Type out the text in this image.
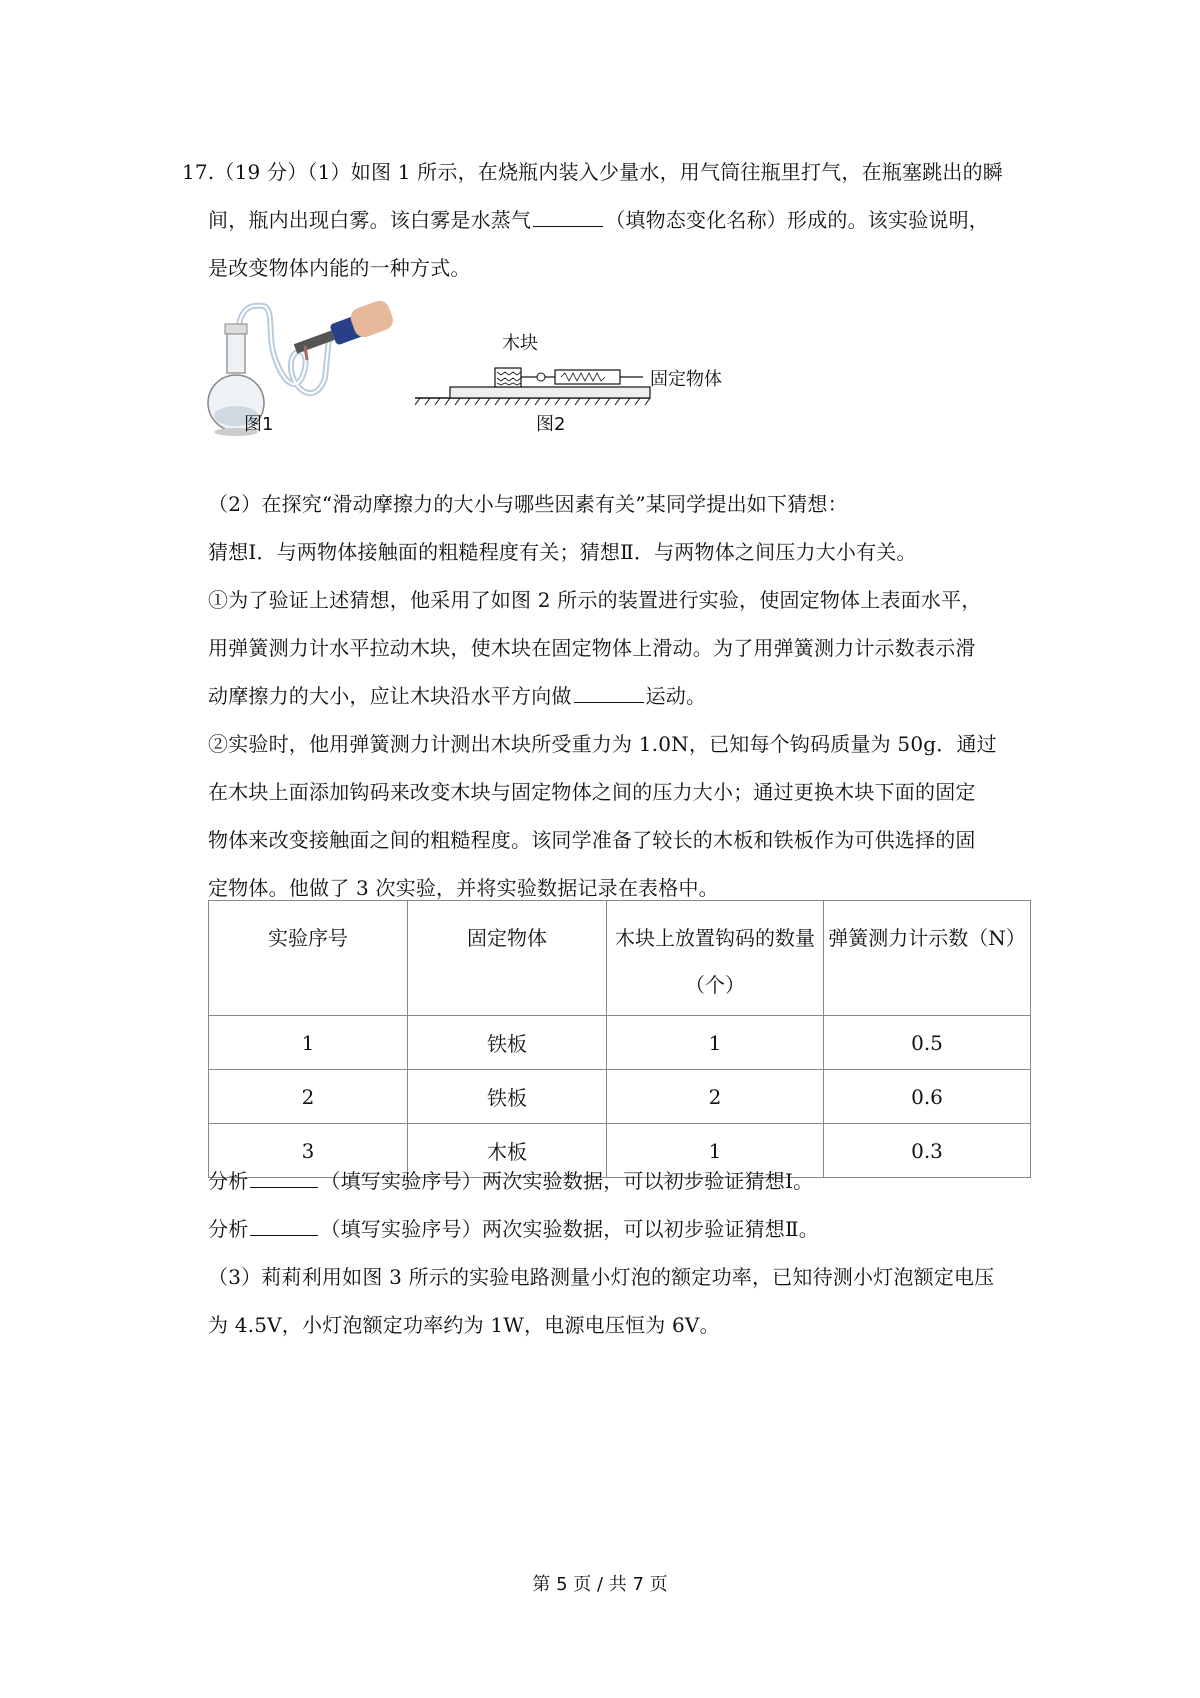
17.（19 分）（1）如图 1 所示，在烧瓶内装入少量水，用气筒往瓶里打气，在瓶塞跳出的瞬
间，瓶内出现白雾。该白雾是水蒸气	（填物态变化名称）形成的。该实验说明，
是改变物体内能的一种方式。
图1
木块
固定物体
图2
（2）在探究“滑动摩擦力的大小与哪些因素有关”某同学提出如下猜想：
猜想Ⅰ．与两物体接触面的粗糙程度有关；猜想Ⅱ．与两物体之间压力大小有关。
①为了验证上述猜想，他采用了如图 2 所示的装置进行实验，使固定物体上表面水平，
用弹簧测力计水平拉动木块，使木块在固定物体上滑动。为了用弹簧测力计示数表示滑
动摩擦力的大小，应让木块沿水平方向做	运动。
②实验时，他用弹簧测力计测出木块所受重力为 1.0N，已知每个钩码质量为 50g．通过
在木块上面添加钩码来改变木块与固定物体之间的压力大小；通过更换木块下面的固定
物体来改变接触面之间的粗糙程度。该同学准备了较长的木板和铁板作为可供选择的固
定物体。他做了 3 次实验，并将实验数据记录在表格中。
实验序号	固定物体	木块上放置钩码的数量（个）	弹簧测力计示数（N）
1	铁板	1	0.5
2	铁板	2	0.6
3	木板	1	0.3
分析	（填写实验序号）两次实验数据，可以初步验证猜想Ⅰ。
分析	（填写实验序号）两次实验数据，可以初步验证猜想Ⅱ。
（3）莉莉利用如图 3 所示的实验电路测量小灯泡的额定功率，已知待测小灯泡额定电压
为 4.5V，小灯泡额定功率约为 1W，电源电压恒为 6V。
第 5 页 / 共 7 页
